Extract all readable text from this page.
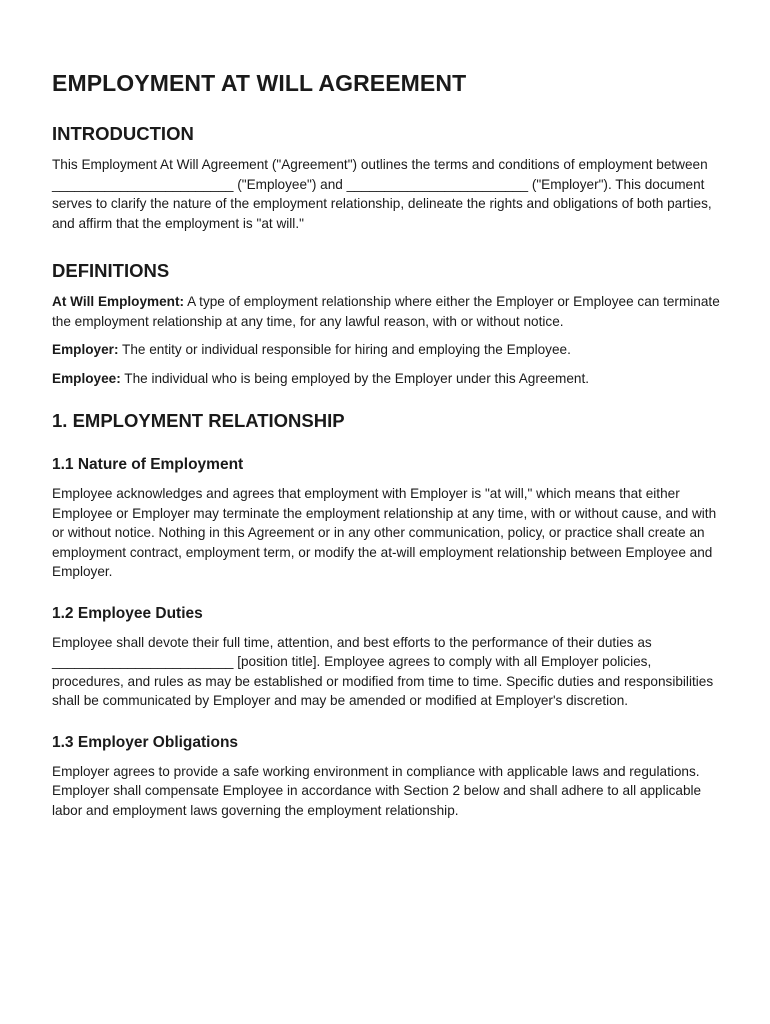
EMPLOYMENT AT WILL AGREEMENT
INTRODUCTION

This Employment At Will Agreement ("Agreement") outlines the terms and conditions of employment between ________________________ ("Employee") and ________________________ ("Employer"). This document serves to clarify the nature of the employment relationship, delineate the rights and obligations of both parties, and affirm that the employment is "at will."

DEFINITIONS

At Will Employment: A type of employment relationship where either the Employer or Employee can terminate the employment relationship at any time, for any lawful reason, with or without notice.

Employer: The entity or individual responsible for hiring and employing the Employee.

Employee: The individual who is being employed by the Employer under this Agreement.

1. EMPLOYMENT RELATIONSHIP
1.1 Nature of Employment

Employee acknowledges and agrees that employment with Employer is "at will," which means that either Employee or Employer may terminate the employment relationship at any time, with or without cause, and with or without notice. Nothing in this Agreement or in any other communication, policy, or practice shall create an employment contract, employment term, or modify the at-will employment relationship between Employee and Employer.

1.2 Employee Duties

Employee shall devote their full time, attention, and best efforts to the performance of their duties as ________________________ [position title]. Employee agrees to comply with all Employer policies, procedures, and rules as may be established or modified from time to time. Specific duties and responsibilities shall be communicated by Employer and may be amended or modified at Employer's discretion.

1.3 Employer Obligations

Employer agrees to provide a safe working environment in compliance with applicable laws and regulations. Employer shall compensate Employee in accordance with Section 2 below and shall adhere to all applicable labor and employment laws governing the employment relationship.
